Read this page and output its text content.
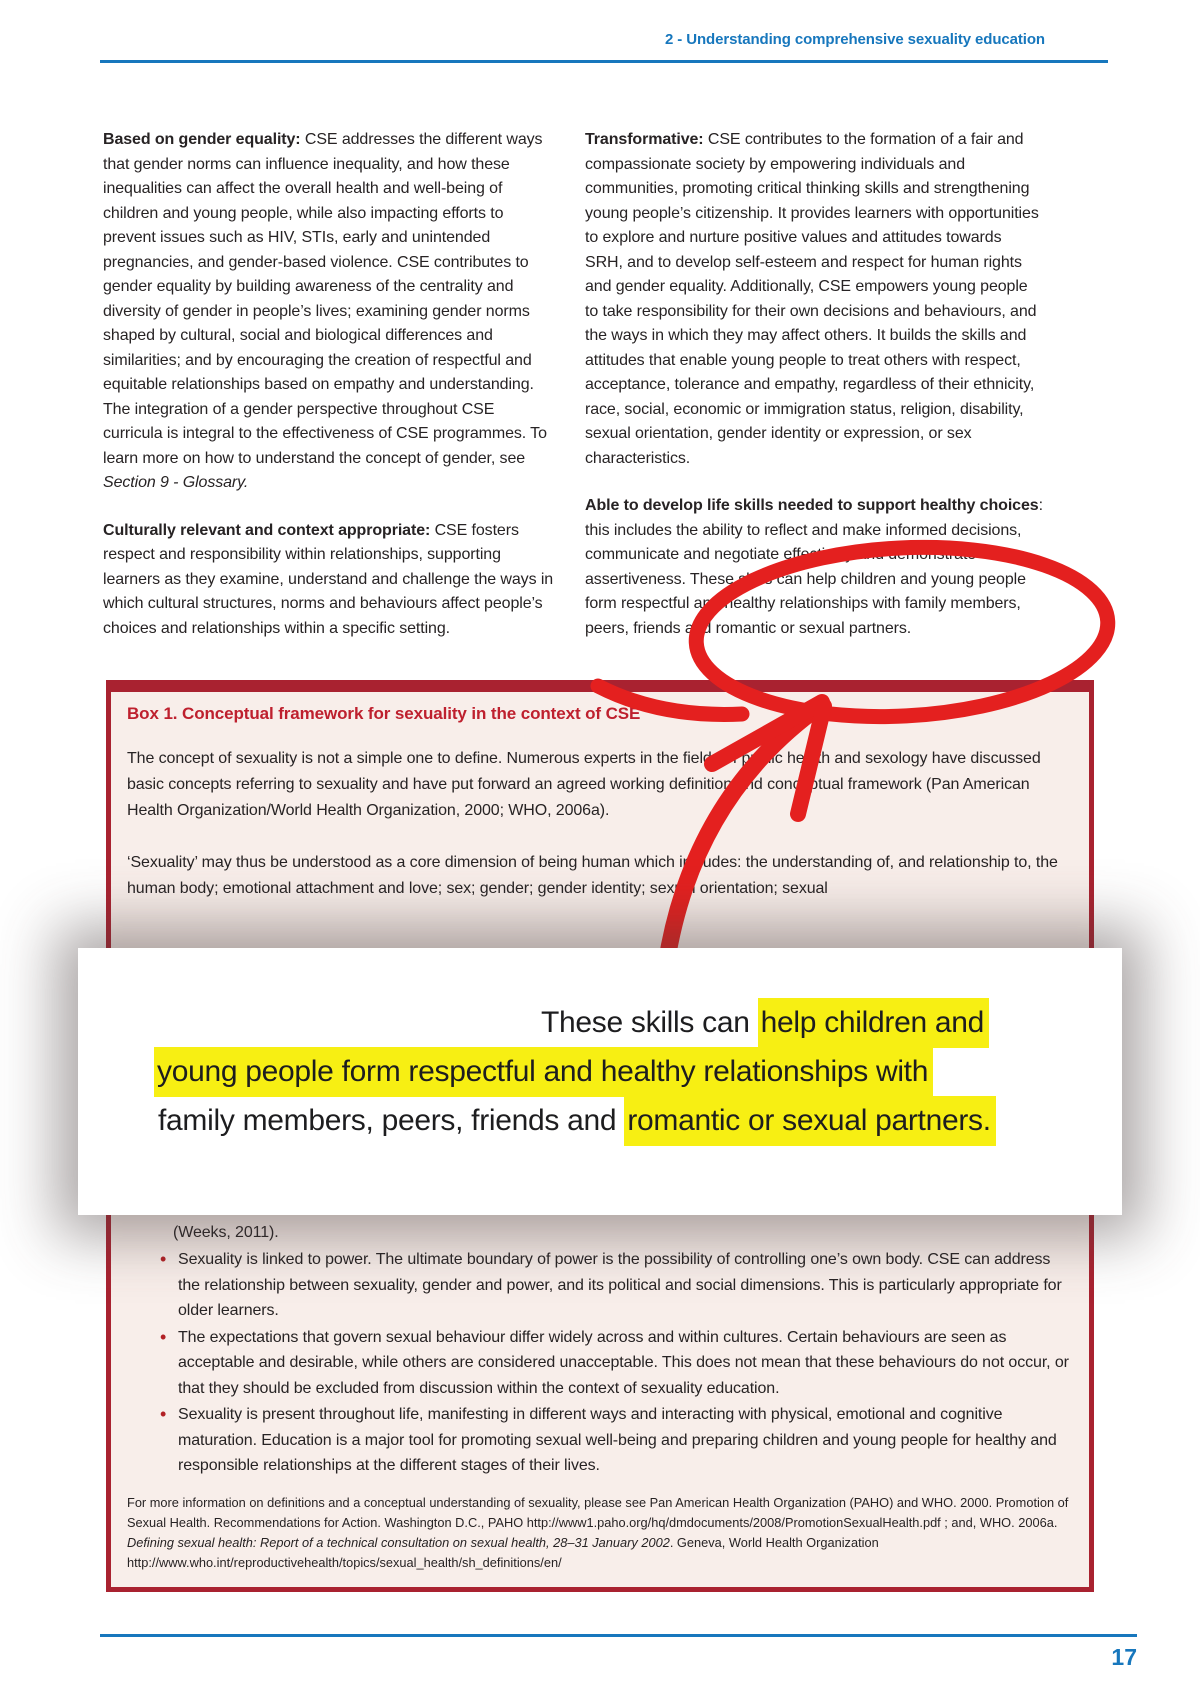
2 - Understanding comprehensive sexuality education

Based on gender equality: CSE addresses the different ways that gender norms can influence inequality, and how these inequalities can affect the overall health and well-being of children and young people, while also impacting efforts to prevent issues such as HIV, STIs, early and unintended pregnancies, and gender-based violence. CSE contributes to gender equality by building awareness of the centrality and diversity of gender in people’s lives; examining gender norms shaped by cultural, social and biological differences and similarities; and by encouraging the creation of respectful and equitable relationships based on empathy and understanding. The integration of a gender perspective throughout CSE curricula is integral to the effectiveness of CSE programmes. To learn more on how to understand the concept of gender, see Section 9 - Glossary.

Culturally relevant and context appropriate: CSE fosters respect and responsibility within relationships, supporting learners as they examine, understand and challenge the ways in which cultural structures, norms and behaviours affect people’s choices and relationships within a specific setting.

Transformative: CSE contributes to the formation of a fair and compassionate society by empowering individuals and communities, promoting critical thinking skills and strengthening young people’s citizenship. It provides learners with opportunities to explore and nurture positive values and attitudes towards SRH, and to develop self-esteem and respect for human rights and gender equality. Additionally, CSE empowers young people to take responsibility for their own decisions and behaviours, and the ways in which they may affect others. It builds the skills and attitudes that enable young people to treat others with respect, acceptance, tolerance and empathy, regardless of their ethnicity, race, social, economic or immigration status, religion, disability, sexual orientation, gender identity or expression, or sex characteristics.

Able to develop life skills needed to support healthy choices: this includes the ability to reflect and make informed decisions, communicate and negotiate effectively and demonstrate assertiveness. These skills can help children and young people form respectful and healthy relationships with family members, peers, friends and romantic or sexual partners.

Box 1. Conceptual framework for sexuality in the context of CSE

The concept of sexuality is not a simple one to define. Numerous experts in the fields of public health and sexology have discussed basic concepts referring to sexuality and have put forward an agreed working definition and conceptual framework (Pan American Health Organization/World Health Organization, 2000; WHO, 2006a).

‘Sexuality’ may thus be understood as a core dimension of being human which includes: the understanding of, and relationship to, the human body; emotional attachment and love; sex; gender; gender identity; sexual orientation; sexual

(Weeks, 2011).
• Sexuality is linked to power. The ultimate boundary of power is the possibility of controlling one’s own body. CSE can address the relationship between sexuality, gender and power, and its political and social dimensions. This is particularly appropriate for older learners.
• The expectations that govern sexual behaviour differ widely across and within cultures. Certain behaviours are seen as acceptable and desirable, while others are considered unacceptable. This does not mean that these behaviours do not occur, or that they should be excluded from discussion within the context of sexuality education.
• Sexuality is present throughout life, manifesting in different ways and interacting with physical, emotional and cognitive maturation. Education is a major tool for promoting sexual well-being and preparing children and young people for healthy and responsible relationships at the different stages of their lives.
For more information on definitions and a conceptual understanding of sexuality, please see Pan American Health Organization (PAHO) and WHO. 2000. Promotion of Sexual Health. Recommendations for Action. Washington D.C., PAHO http://www1.paho.org/hq/dmdocuments/2008/PromotionSexualHealth.pdf ; and, WHO. 2006a. Defining sexual health: Report of a technical consultation on sexual health, 28–31 January 2002. Geneva, World Health Organization http://www.who.int/reproductivehealth/topics/sexual_health/sh_definitions/en/
These skills can help children and
young people form respectful and healthy relationships with
family members, peers, friends and romantic or sexual partners.
17
